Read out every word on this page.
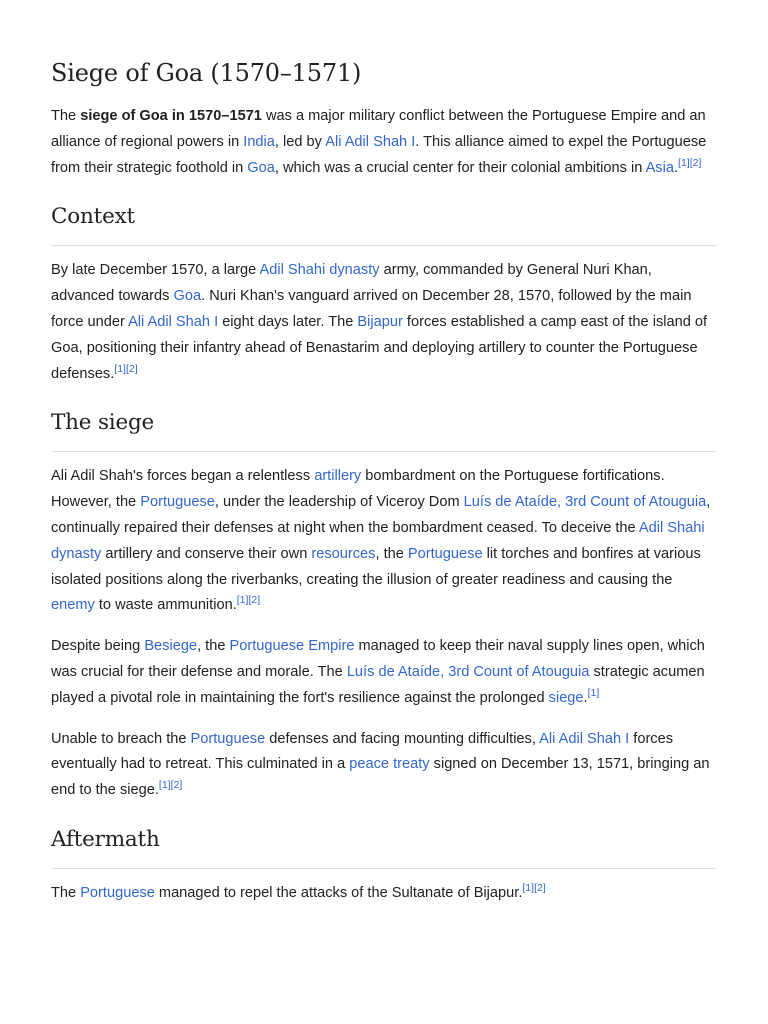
Siege of Goa (1570–1571)

The siege of Goa in 1570–1571 was a major military conflict between the Portuguese Empire and an alliance of regional powers in India, led by Ali Adil Shah I. This alliance aimed to expel the Portuguese from their strategic foothold in Goa, which was a crucial center for their colonial ambitions in Asia.[1][2]

Context

By late December 1570, a large Adil Shahi dynasty army, commanded by General Nuri Khan, advanced towards Goa. Nuri Khan's vanguard arrived on December 28, 1570, followed by the main force under Ali Adil Shah I eight days later. The Bijapur forces established a camp east of the island of Goa, positioning their infantry ahead of Benastarim and deploying artillery to counter the Portuguese defenses.[1][2]

The siege

Ali Adil Shah's forces began a relentless artillery bombardment on the Portuguese fortifications. However, the Portuguese, under the leadership of Viceroy Dom Luís de Ataíde, 3rd Count of Atouguia, continually repaired their defenses at night when the bombardment ceased. To deceive the Adil Shahi dynasty artillery and conserve their own resources, the Portuguese lit torches and bonfires at various isolated positions along the riverbanks, creating the illusion of greater readiness and causing the enemy to waste ammunition.[1][2]

Despite being Besiege, the Portuguese Empire managed to keep their naval supply lines open, which was crucial for their defense and morale. The Luís de Ataíde, 3rd Count of Atouguia strategic acumen played a pivotal role in maintaining the fort's resilience against the prolonged siege.[1]

Unable to breach the Portuguese defenses and facing mounting difficulties, Ali Adil Shah I forces eventually had to retreat. This culminated in a peace treaty signed on December 13, 1571, bringing an end to the siege.[1][2]

Aftermath

The Portuguese managed to repel the attacks of the Sultanate of Bijapur.[1][2]
